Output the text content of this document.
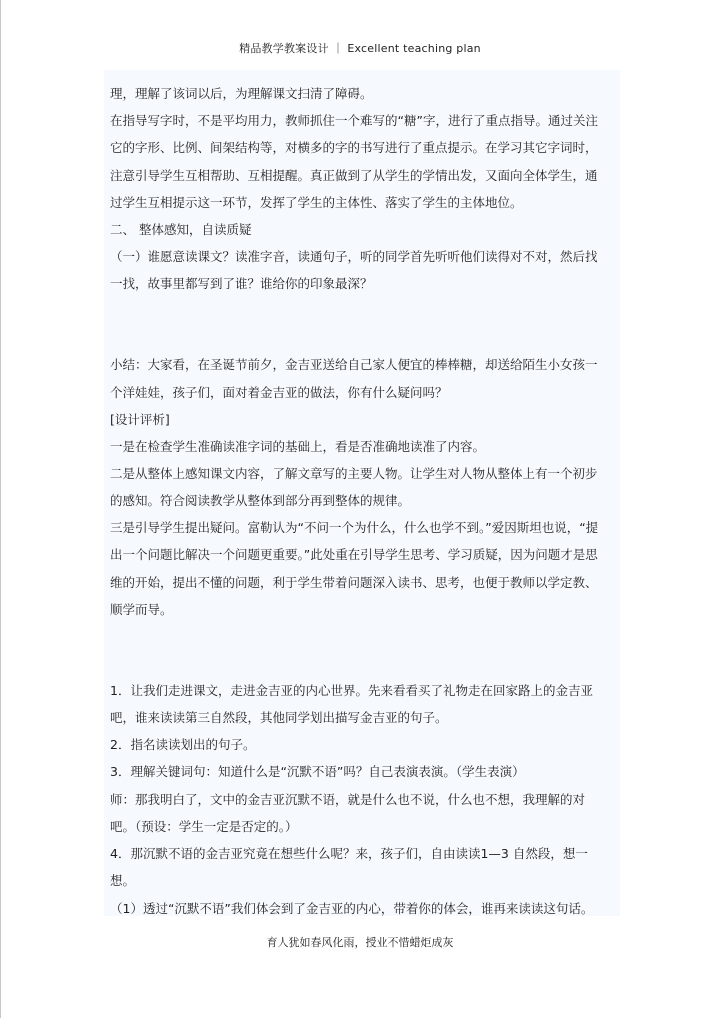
精品教学教案设计 ｜ Excellent teaching plan
理，理解了该词以后，为理解课文扫清了障碍。
在指导写字时，不是平均用力，教师抓住一个难写的“糖”字，进行了重点指导。通过关注
它的字形、比例、间架结构等，对横多的字的书写进行了重点提示。在学习其它字词时，
注意引导学生互相帮助、互相提醒。真正做到了从学生的学情出发，又面向全体学生，通
过学生互相提示这一环节，发挥了学生的主体性、落实了学生的主体地位。
二、 整体感知，自读质疑
（一）谁愿意读课文？读准字音，读通句子，听的同学首先听听他们读得对不对，然后找
一找，故事里都写到了谁？谁给你的印象最深？
小结：大家看，在圣诞节前夕，金吉亚送给自己家人便宜的棒棒糖，却送给陌生小女孩一
个洋娃娃，孩子们，面对着金吉亚的做法，你有什么疑问吗？
[设计评析]
一是在检查学生准确读准字词的基础上，看是否准确地读准了内容。
二是从整体上感知课文内容，了解文章写的主要人物。让学生对人物从整体上有一个初步
的感知。符合阅读教学从整体到部分再到整体的规律。
三是引导学生提出疑问。富勒认为“不问一个为什么，什么也学不到。”爱因斯坦也说，“提
出一个问题比解决一个问题更重要。”此处重在引导学生思考、学习质疑，因为问题才是思
维的开始，提出不懂的问题，利于学生带着问题深入读书、思考，也便于教师以学定教、
顺学而导。
1．让我们走进课文，走进金吉亚的内心世界。先来看看买了礼物走在回家路上的金吉亚
吧，谁来读读第三自然段，其他同学划出描写金吉亚的句子。
2．指名读读划出的句子。
3．理解关键词句：知道什么是“沉默不语”吗？自己表演表演。（学生表演）
师：那我明白了，文中的金吉亚沉默不语，就是什么也不说，什么也不想，我理解的对
吧。（预设：学生一定是否定的。）
4．那沉默不语的金吉亚究竟在想些什么呢？来，孩子们，自由读读1—3 自然段，想一
想。
（1）透过“沉默不语”我们体会到了金吉亚的内心，带着你的体会，谁再来读读这句话。
育人犹如春风化雨，授业不惜蜡炬成灰
